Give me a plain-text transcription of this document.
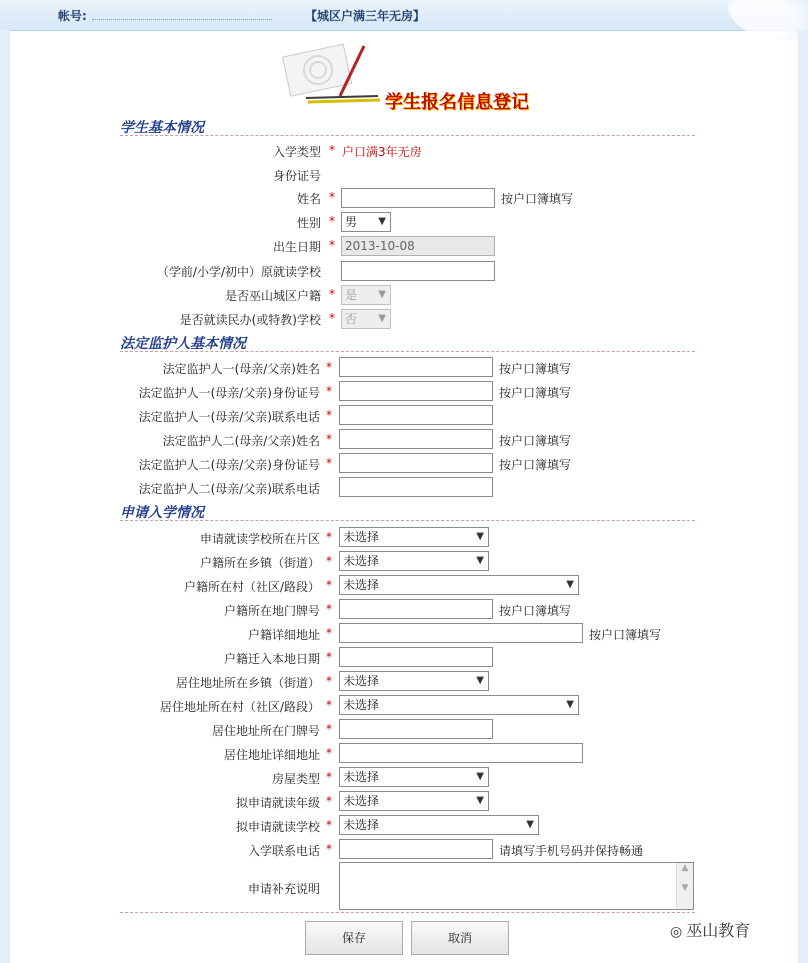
帐号:	【城区户满三年无房】
学生报名信息登记
学生基本情况
入学类型 * 户口满3年无房
身份证号
姓名 *	按户口簿填写
性别 * 男 ▼
出生日期 * 2013-10-08
（学前/小学/初中）原就读学校
是否巫山城区户籍 * 是 ▼
是否就读民办(或特教)学校 * 否 ▼
法定监护人基本情况
法定监护人一(母亲/父亲)姓名 *	按户口簿填写
法定监护人一(母亲/父亲)身份证号 *	按户口簿填写
法定监护人一(母亲/父亲)联系电话 *
法定监护人二(母亲/父亲)姓名 *	按户口簿填写
法定监护人二(母亲/父亲)身份证号 *	按户口簿填写
法定监护人二(母亲/父亲)联系电话
申请入学情况
申请就读学校所在片区 * 未选择	▼
户籍所在乡镇（街道） * 未选择	▼
户籍所在村（社区/路段） * 未选择	▼
户籍所在地门牌号 *	按户口簿填写
户籍详细地址 *	按户口簿填写
户籍迁入本地日期 *
居住地址所在乡镇（街道） * 未选择	▼
居住地址所在村（社区/路段） * 未选择	▼
居住地址所在门牌号 *
居住地址详细地址 *
房屋类型 * 未选择	▼
拟申请就读年级 * 未选择	▼
拟申请就读学校 * 未选择	▼
入学联系电话 *	请填写手机号码并保持畅通
申请补充说明
▲

▼
保存	取消	◎ 巫山教育
